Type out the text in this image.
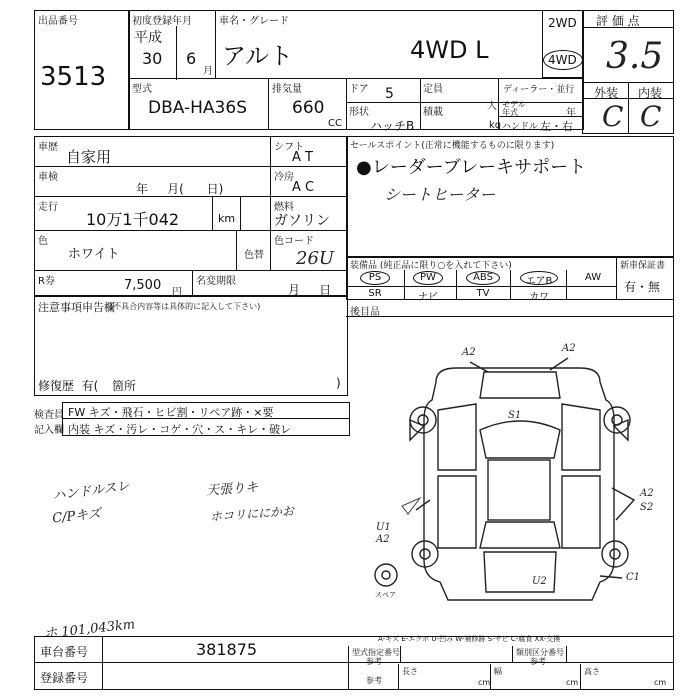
出品番号
3513
初度登録年月
平成
30 6
月
車名・グレード
アルト	4WD L
型式
DBA-HA36S
排気量
660
CC
ドア 5
形状
ハッチB
定員
人
積載
kg
ディーラー・並行
モデル
年式	年
ハンドル 左・右
2WD
4WD
評 価 点
3.5
外装 内装
C C
車歴
自家用
シフト
A T
車検
年     月(      日)
冷房
A C
走行
10万1千042	km
燃料
ガソリン
色
ホワイト	色替
色コード
26U
R券	7,500 円
名変期限
月     日
セールスポイント(正常に機能するものに限ります)
●レーダーブレーキサポート
シートヒーター
装備品 (純正品に限り○を入れて下さい)	新車保証書
有・無
PS	PW	ABS	エアB	AW
SR	ナビ	TV	カワ
後目品
注意事項申告欄
(不具合内容等は具体的に記入して下さい)
修復歴  有( 箇所	)
検査員
記入欄
FW キズ・飛石・ヒビ割・リペア跡・×要
内装 キズ・汚レ・コゲ・穴・ス・キレ・破レ
ハンドルスレ
C/Pキズ
天張りキ
ホコリににかお
A2	A2
S1
A2
S2
U1
A2
U2	C1
スペア
A-キズ E-エクボ U-凹み W-補修跡 S-サビ C-腐食 XX-交換
ホ 101,043km
車台番号	381875
登録番号
型式指定番号
参考
類別区分番号
参考
参考
長さ
cm
幅
cm
高さ
cm
